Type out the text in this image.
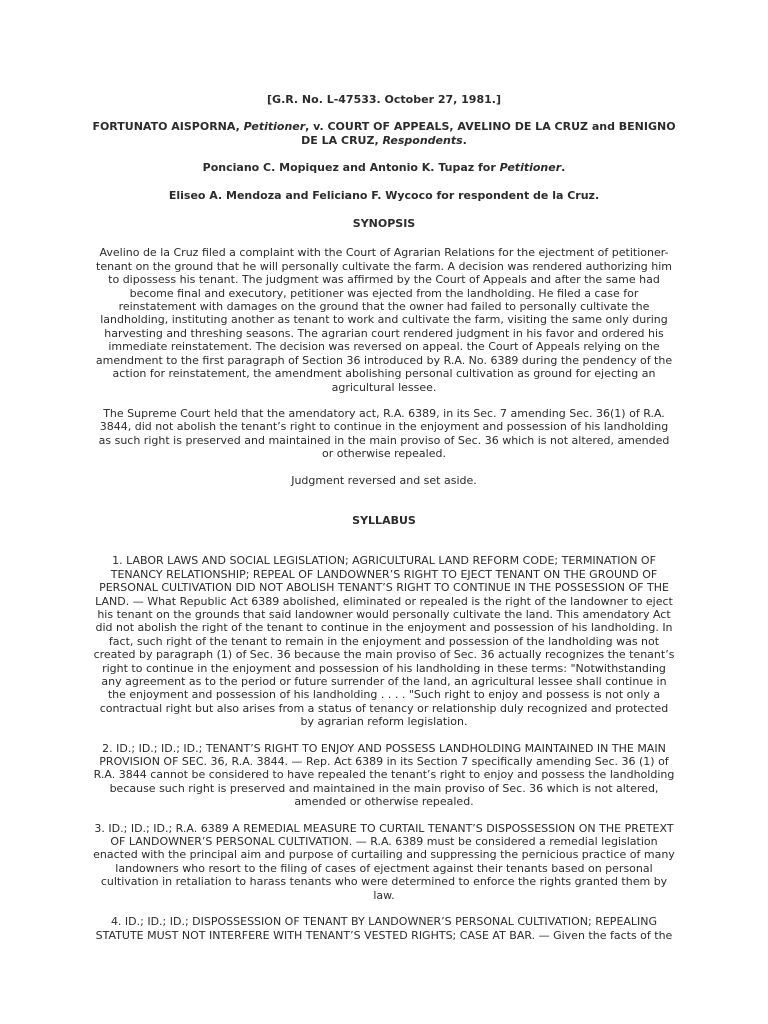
[G.R. No. L-47533. October 27, 1981.]
FORTUNATO AISPORNA, Petitioner, v. COURT OF APPEALS, AVELINO DE LA CRUZ and BENIGNO DE LA CRUZ, Respondents.
Ponciano C. Mopiquez and Antonio K. Tupaz for Petitioner.
Eliseo A. Mendoza and Feliciano F. Wycoco for respondent de la Cruz.
SYNOPSIS

Avelino de la Cruz filed a complaint with the Court of Agrarian Relations for the ejectment of petitioner-tenant on the ground that he will personally cultivate the farm. A decision was rendered authorizing him to dipossess his tenant. The judgment was affirmed by the Court of Appeals and after the same had become final and executory, petitioner was ejected from the landholding. He filed a case for reinstatement with damages on the ground that the owner had failed to personally cultivate the landholding, instituting another as tenant to work and cultivate the farm, visiting the same only during harvesting and threshing seasons. The agrarian court rendered judgment in his favor and ordered his immediate reinstatement. The decision was reversed on appeal. the Court of Appeals relying on the amendment to the first paragraph of Section 36 introduced by R.A. No. 6389 during the pendency of the action for reinstatement, the amendment abolishing personal cultivation as ground for ejecting an agricultural lessee.

The Supreme Court held that the amendatory act, R.A. 6389, in its Sec. 7 amending Sec. 36(1) of R.A. 3844, did not abolish the tenant’s right to continue in the enjoyment and possession of his landholding as such right is preserved and maintained in the main proviso of Sec. 36 which is not altered, amended or otherwise repealed.

Judgment reversed and set aside.

SYLLABUS

1. LABOR LAWS AND SOCIAL LEGISLATION; AGRICULTURAL LAND REFORM CODE; TERMINATION OF TENANCY RELATIONSHIP; REPEAL OF LANDOWNER’S RIGHT TO EJECT TENANT ON THE GROUND OF PERSONAL CULTIVATION DID NOT ABOLISH TENANT’S RIGHT TO CONTINUE IN THE POSSESSION OF THE LAND. — What Republic Act 6389 abolished, eliminated or repealed is the right of the landowner to eject his tenant on the grounds that said landowner would personally cultivate the land. This amendatory Act did not abolish the right of the tenant to continue in the enjoyment and possession of his landholding. In fact, such right of the tenant to remain in the enjoyment and possession of the landholding was not created by paragraph (1) of Sec. 36 because the main proviso of Sec. 36 actually recognizes the tenant’s right to continue in the enjoyment and possession of his landholding in these terms: "Notwithstanding any agreement as to the period or future surrender of the land, an agricultural lessee shall continue in the enjoyment and possession of his landholding . . . . "Such right to enjoy and possess is not only a contractual right but also arises from a status of tenancy or relationship duly recognized and protected by agrarian reform legislation.

2. ID.; ID.; ID.; ID.; TENANT’S RIGHT TO ENJOY AND POSSESS LANDHOLDING MAINTAINED IN THE MAIN PROVISION OF SEC. 36, R.A. 3844. — Rep. Act 6389 in its Section 7 specifically amending Sec. 36 (1) of R.A. 3844 cannot be considered to have repealed the tenant’s right to enjoy and possess the landholding because such right is preserved and maintained in the main proviso of Sec. 36 which is not altered, amended or otherwise repealed.

3. ID.; ID.; ID.; R.A. 6389 A REMEDIAL MEASURE TO CURTAIL TENANT’S DISPOSSESSION ON THE PRETEXT OF LANDOWNER’S PERSONAL CULTIVATION. — R.A. 6389 must be considered a remedial legislation enacted with the principal aim and purpose of curtailing and suppressing the pernicious practice of many landowners who resort to the filing of cases of ejectment against their tenants based on personal cultivation in retaliation to harass tenants who were determined to enforce the rights granted them by law.

4. ID.; ID.; ID.; DISPOSSESSION OF TENANT BY LANDOWNER’S PERSONAL CULTIVATION; REPEALING STATUTE MUST NOT INTERFERE WITH TENANT’S VESTED RIGHTS; CASE AT BAR. — Given the facts of the
